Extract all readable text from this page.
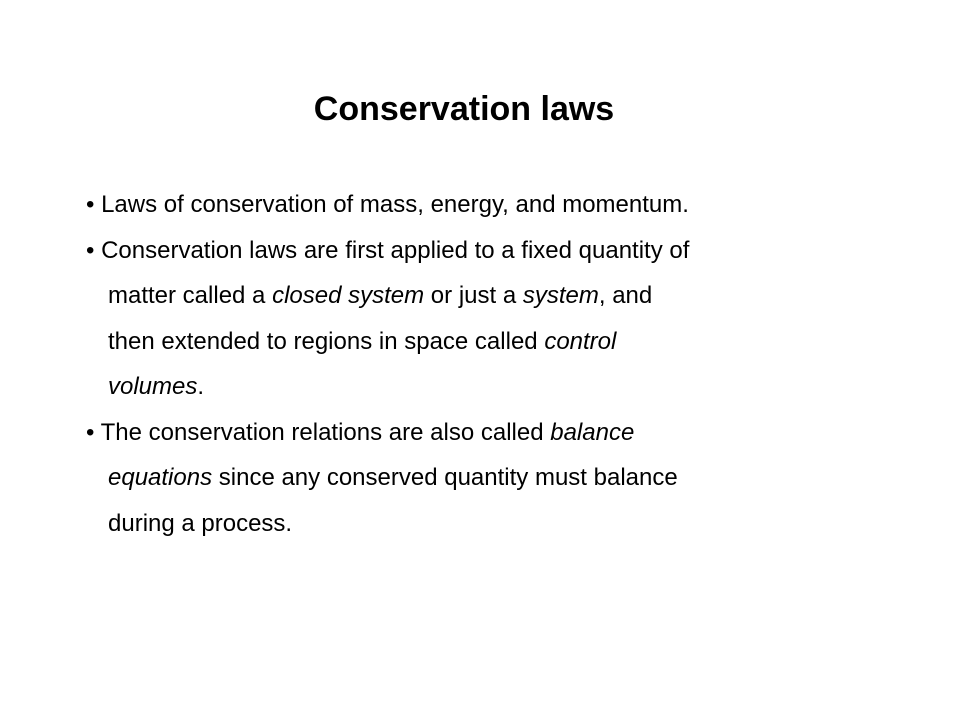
Conservation laws
• Laws of conservation of mass, energy, and momentum.
• Conservation laws are first applied to a fixed quantity of
matter called a closed system or just a system, and
then extended to regions in space called control
volumes.
• The conservation relations are also called balance
equations since any conserved quantity must balance
during a process.
